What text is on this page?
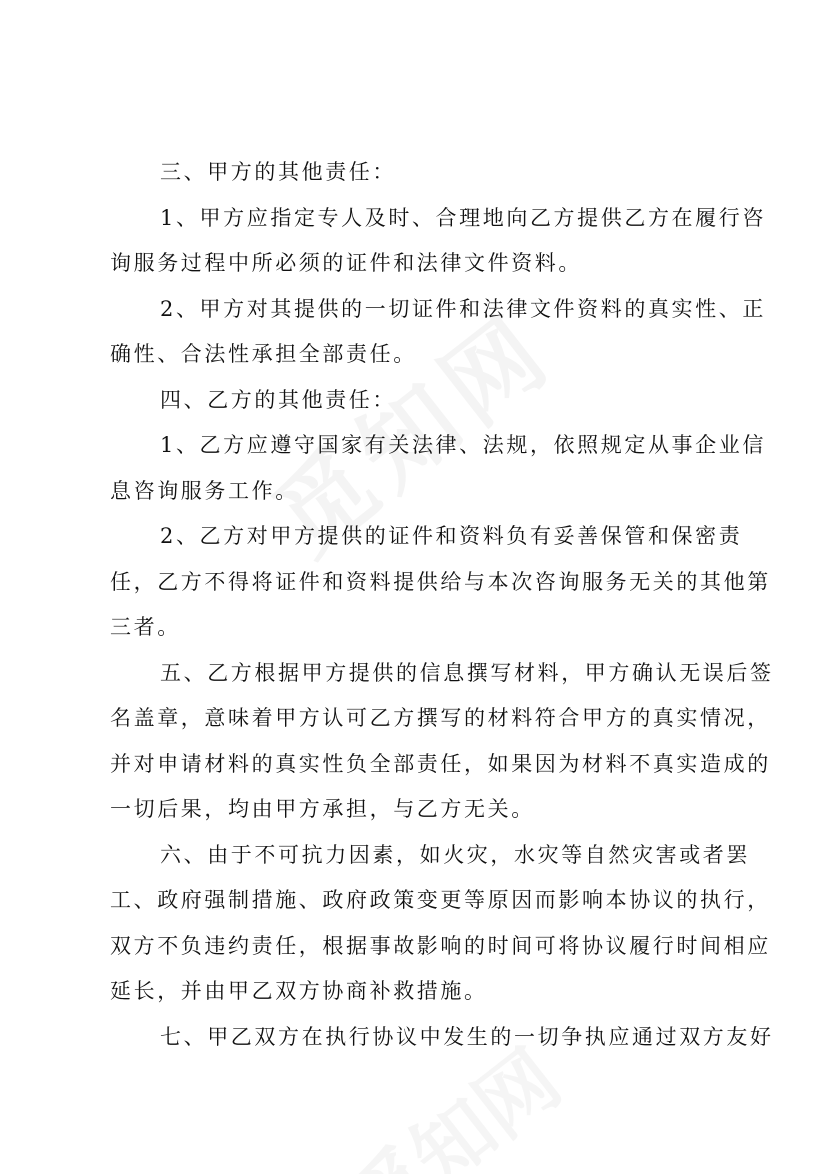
三、甲方的其他责任：
1、甲方应指定专人及时、合理地向乙方提供乙方在履行咨
询服务过程中所必须的证件和法律文件资料。
2、甲方对其提供的一切证件和法律文件资料的真实性、正
确性、合法性承担全部责任。
四、乙方的其他责任：
1、乙方应遵守国家有关法律、法规，依照规定从事企业信
息咨询服务工作。
2、乙方对甲方提供的证件和资料负有妥善保管和保密责
任，乙方不得将证件和资料提供给与本次咨询服务无关的其他第
三者。
五、乙方根据甲方提供的信息撰写材料，甲方确认无误后签
名盖章，意味着甲方认可乙方撰写的材料符合甲方的真实情况，
并对申请材料的真实性负全部责任，如果因为材料不真实造成的
一切后果，均由甲方承担，与乙方无关。
六、由于不可抗力因素，如火灾，水灾等自然灾害或者罢
工、政府强制措施、政府政策变更等原因而影响本协议的执行，
双方不负违约责任，根据事故影响的时间可将协议履行时间相应
延长，并由甲乙双方协商补救措施。
七、甲乙双方在执行协议中发生的一切争执应通过双方友好
